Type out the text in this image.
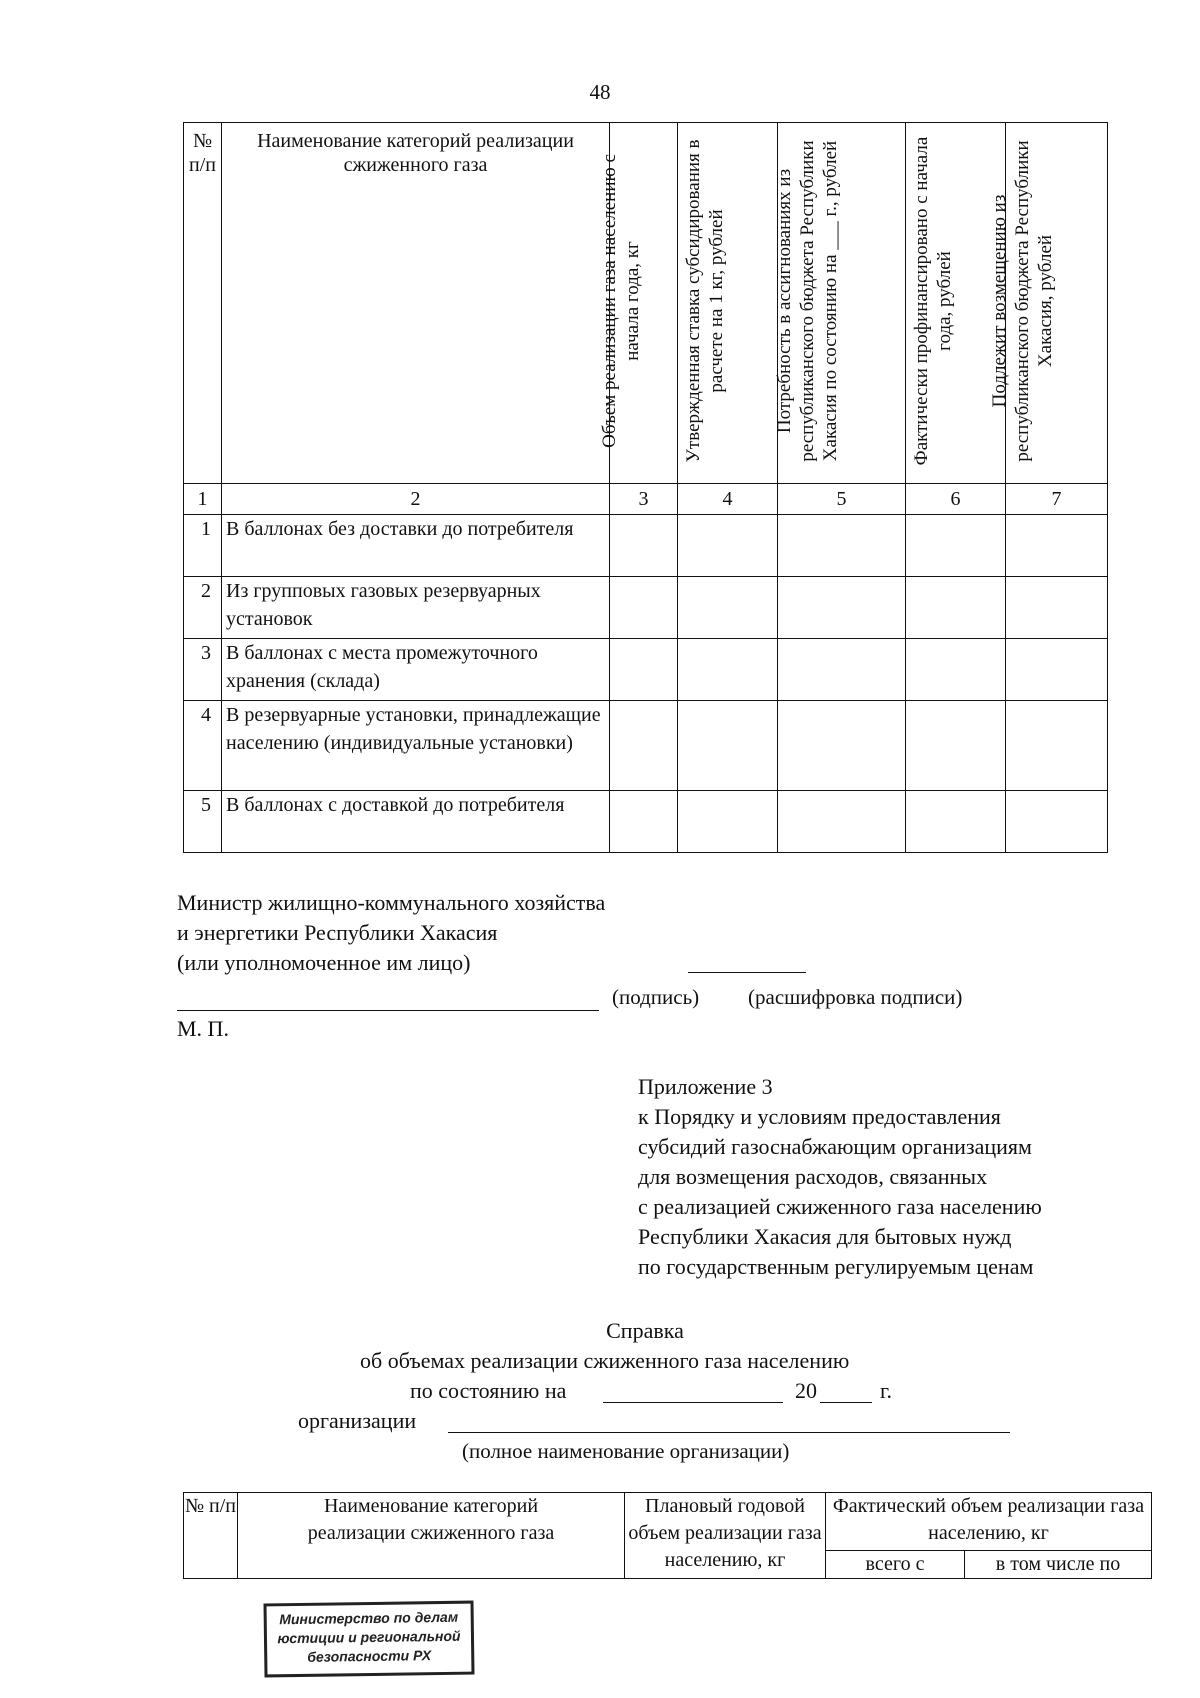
48
№ п/п	Наименование категорий реализации сжиженного газа	Объем реализации газа населению с начала года, кг	Утвержденная ставка субсидирования в расчете на 1 кг, рублей	Потребность в ассигнованиях из республиканского бюджета Республики Хакасия по состоянию на ___ г., рублей	Фактически профинансировано с начала года, рублей	Подлежит возмещению из республиканского бюджета Республики Хакасия, рублей

1	2	3	4	5	6	7
1	В баллонах без доставки до потребителя					
2	Из групповых газовых резервуарных установок					
3	В баллонах с места промежуточного хранения (склада)					
4	В резервуарные установки, принадлежащие населению (индивидуальные установки)					
5	В баллонах с доставкой до потребителя					
Министр жилищно-коммунального хозяйства
и энергетики Республики Хакасия
(или уполномоченное им лицо)
(подпись) (расшифровка подписи)
М. П.
Приложение 3
к Порядку и условиям предоставления
субсидий газоснабжающим организациям
для возмещения расходов, связанных
с реализацией сжиженного газа населению
Республики Хакасия для бытовых нужд
по государственным регулируемым ценам
Справка
об объемах реализации сжиженного газа населению
по состоянию на	20	г.
организации
(полное наименование организации)
№ п/п	Наименование категорий реализации сжиженного газа	Плановый годовой объем реализации газа населению, кг	Фактический объем реализации газа населению, кг	
			всего с	в том числе по
Министерство по делам
юстиции и региональной
безопасности РХ
